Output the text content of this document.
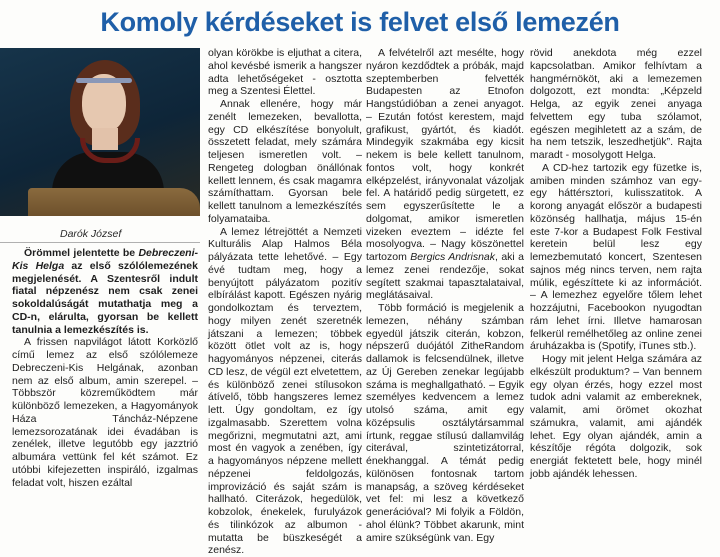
Komoly kérdéseket is felvet első lemezén
Darók József

Örömmel jelentette be Debreczeni-Kis Helga az első szólólemezének megjelenését. A Szentesről indult fiatal népzenész nem csak zenei sokoldalúságát mutathatja meg a CD-n, elárulta, gyorsan be kellett tanulnia a lemezkészítés is.

A frissen napvilágot látott Korközlő című lemez az első szólólemeze Debreczeni-Kis Helgának, azonban nem az első album, amin szerepel. – Többször közreműködtem már különböző lemezeken, a Hagyományok Háza Táncház-Népzene lemezsorozatának idei évadában is zenélek, illetve legutóbb egy jazztrió albumára vettünk fel két számot. Ez utóbbi kifejezetten inspiráló, izgalmas feladat volt, hiszen ezáltal

olyan körökbe is eljuthat a citera, ahol kevésbé ismerik a hangszer adta lehetőségeket - osztotta meg a Szentesi Élettel.

Annak ellenére, hogy már zenélt lemezeken, bevallotta, egy CD elkészítése bonyolult, összetett feladat, mely számára teljesen ismeretlen volt. – Rengeteg dologban önállónak kellett lennem, és csak magamra számíthattam. Gyorsan bele kellett tanulnom a lemezkészítés folyamataiba.

A lemez létrejöttét a Nemzeti Kulturális Alap Halmos Béla pályázata tette lehetővé. – Egy évé tudtam meg, hogy a benyújtott pályázatom pozitív elbírálást kapott. Egészen nyárig gondolkoztam és terveztem, hogy milyen zenét szeretnék játszani a lemezen; többek között ötlet volt az is, hogy hagyományos népzenei, citerás CD lesz, de végül ezt elvetettem, és különböző zenei stílusokon átívelő, több hangszeres lemez lett. Úgy gondoltam, ez így izgalmasabb. Szerettem volna megőrizni, megmutatni azt, ami most én vagyok a zenében, így a hagyományos népzene mellett népzenei feldolgozás, improvizáció és saját szám is hallható. Citerázok, hegedülök, kobzolok, énekelek, furulyázok és tilinkózok az albumon - mutatta be büszkeségét a zenész.

A felvételről azt mesélte, hogy nyáron kezdődtek a próbák, majd szeptemberben felvették Budapesten az Etnofon Hangstúdióban a zenei anyagot. – Ezután fotóst kerestem, majd grafikust, gyártót, és kiadót. Mindegyik szakmába egy kicsit nekem is bele kellett tanulnom, fontos volt, hogy konkrét elképzelést, irányvonalat vázoljak fel. A határidő pedig sürgetett, ez sem egyszerűsítette le a dolgomat, amikor ismeretlen vizeken eveztem – idézte fel mosolyogva. – Nagy köszönettel tartozom Bergics Andrisnak, aki a lemez zenei rendezője, sokat segített szakmai tapasztalataival, meglátásaival.

Több formáció is megjelenik a lemezen, néhány számban egyedül játszik citerán, kobzon, népszerű duójától ZitheRandom dallamok is felcsendülnek, illetve az Új Gereben zenekar legújabb száma is meghallgatható. – Egyik személyes kedvencem a lemez utolsó száma, amit egy középsulis osztálytársammal írtunk, reggae stílusú dallamvilág citerával, szintetizátorral, énekhanggal. A témát pedig különösen fontosnak tartom manapság, a szöveg kérdéseket vet fel: mi lesz a következő generációval? Mi folyik a Földön, ahol élünk? Többet akarunk, mint amire szükségünk van. Egy

rövid anekdota még ezzel kapcsolatban. Amikor felhívtam a hangmérnököt, aki a lemezemen dolgozott, ezt mondta: „Képzeld Helga, az egyik zenei anyaga felvettem egy tuba szólamot, egészen megihletett az a szám, de ha nem tetszik, leszedhetjük”. Rajta maradt - mosolygott Helga.

A CD-hez tartozik egy füzetke is, amiben minden számhoz van egy-egy háttérsztori, kulisszatitok. A korong anyagát először a budapesti közönség hallhatja, május 15-én este 7-kor a Budapest Folk Festival keretein belül lesz egy lemezbemutató koncert, Szentesen sajnos még nincs terven, nem rajta múlik, egészíttete ki az információt. – A lemezhez egyelőre tőlem lehet hozzájutni, Facebookon nyugodtan rám lehet írni. Illetve hamarosan felkerül remélhetőleg az online zenei áruházakba is (Spotify, iTunes stb.).

Hogy mit jelent Helga számára az elkészült produktum? – Van bennem egy olyan érzés, hogy ezzel most tudok adni valamit az embereknek, valamit, ami örömet okozhat számukra, valamit, ami ajándék lehet. Egy olyan ajándék, amin a készítője régóta dolgozik, sok energiát fektetett bele, hogy minél jobb ajándék lehessen.
